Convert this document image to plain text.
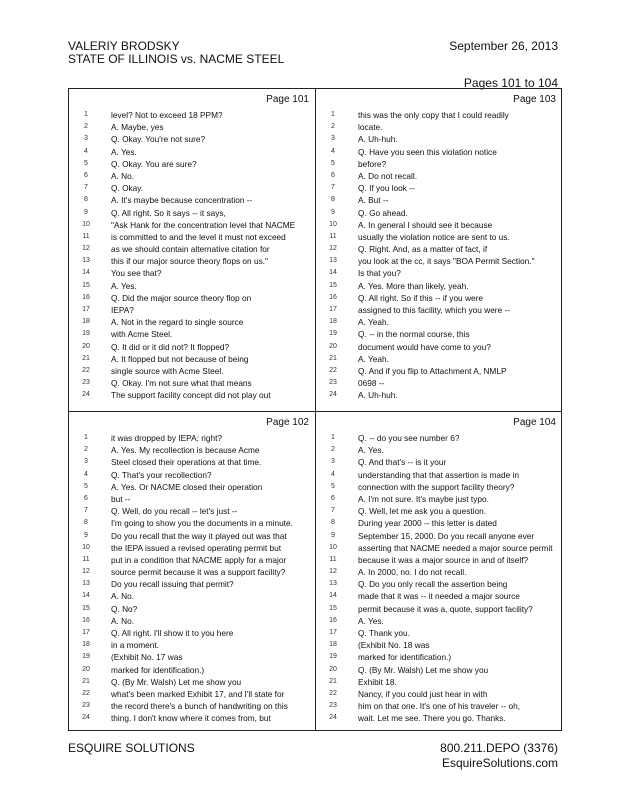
VALERIY BRODSKY
STATE OF ILLINOIS vs. NACME STEEL
September 26, 2013
Pages 101 to 104
Page 101
1	level? Not to exceed 18 PPM?
2	A. Maybe, yes
3	Q. Okay. You're not sure?
4	A. Yes.
5	Q. Okay. You are sure?
6	A. No.
7	Q. Okay.
8	A. It's maybe because concentration --
9	Q. All right. So it says -- it says,
10	"Ask Hank for the concentration level that NACME
11	is committed to and the level it must not exceed
12	as we should contain alternative citation for
13	this if our major source theory flops on us."
14	You see that?
15	A. Yes.
16	Q. Did the major source theory flop on
17	IEPA?
18	A. Not in the regard to single source
19	with Acme Steel.
20	Q. It did or it did not? It flopped?
21	A. It flopped but not because of being
22	single source with Acme Steel.
23	Q. Okay. I'm not sure what that means
24	The support facility concept did not play out
Page 103
1	this was the only copy that I could readily
2	locate.
3	A. Uh-huh.
4	Q. Have you seen this violation notice
5	before?
6	A. Do not recall.
7	Q. If you look --
8	A. But --
9	Q. Go ahead.
10	A. In general I should see it because
11	usually the violation notice are sent to us.
12	Q. Right. And, as a matter of fact, if
13	you look at the cc, it says "BOA Permit Section."
14	Is that you?
15	A. Yes. More than likely, yeah.
16	Q. All right. So if this -- if you were
17	assigned to this facility, which you were --
18	A. Yeah.
19	Q. -- in the normal course, this
20	document would have come to you?
21	A. Yeah.
22	Q. And if you flip to Attachment A, NMLP
23	0698 --
24	A. Uh-huh.
Page 102
1	it was dropped by IEPA; right?
2	A. Yes. My recollection is because Acme
3	Steel closed their operations at that time.
4	Q. That's your recollection?
5	A. Yes. Or NACME closed their operation
6	but --
7	Q. Well, do you recall -- let's just --
8	I'm going to show you the documents in a minute.
9	Do you recall that the way it played out was that
10	the IEPA issued a revised operating permit but
11	put in a condition that NACME apply for a major
12	source permit because it was a support facility?
13	Do you recall issuing that permit?
14	A. No.
15	Q. No?
16	A. No.
17	Q. All right. I'll show it to you here
18	in a moment.
19	(Exhibit No. 17 was
20	marked for identification.)
21	Q. (By Mr. Walsh) Let me show you
22	what's been marked Exhibit 17, and I'll state for
23	the record there's a bunch of handwriting on this
24	thing. I don't know where it comes from, but
Page 104
1	Q. -- do you see number 6?
2	A. Yes.
3	Q. And that's -- is it your
4	understanding that that assertion is made in
5	connection with the support facility theory?
6	A. I'm not sure. It's maybe just typo.
7	Q. Well, let me ask you a question.
8	During year 2000 -- this letter is dated
9	September 15, 2000. Do you recall anyone ever
10	asserting that NACME needed a major source permit
11	because it was a major source in and of itself?
12	A. In 2000, no. I do not recall.
13	Q. Do you only recall the assertion being
14	made that it was -- it needed a major source
15	permit because it was a, quote, support facility?
16	A. Yes.
17	Q. Thank you.
18	(Exhibit No. 18 was
19	marked for identification.)
20	Q. (By Mr. Walsh) Let me show you
21	Exhibit 18.
22	Nancy, if you could just hear in with
23	him on that one. It's one of his traveler -- oh,
24	wait. Let me see. There you go. Thanks.
ESQUIRE SOLUTIONS	800.211.DEPO (3376)
EsquireSolutions.com
